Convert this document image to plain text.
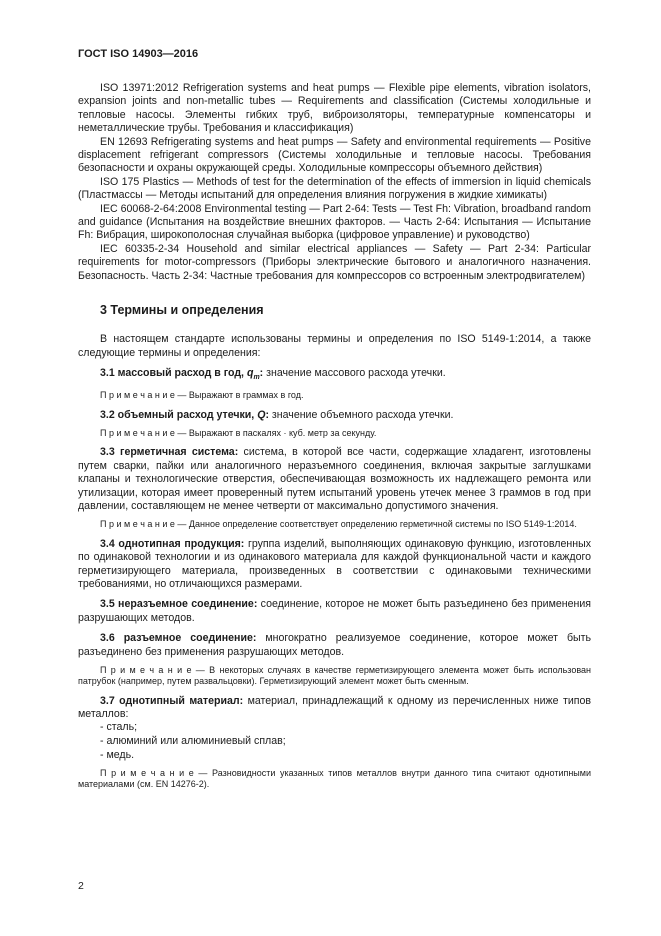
ГОСТ ISO 14903—2016

ISO 13971:2012 Refrigeration systems and heat pumps — Flexible pipe elements, vibration isolators, expansion joints and non-metallic tubes — Requirements and classification (Системы холодильные и тепловые насосы. Элементы гибких труб, виброизоляторы, температурные компенсаторы и неметаллические трубы. Требования и классификация)

EN 12693 Refrigerating systems and heat pumps — Safety and environmental requirements — Positive displacement refrigerant compressors (Системы холодильные и тепловые насосы. Требования безопасности и охраны окружающей среды. Холодильные компрессоры объемного действия)

ISO 175 Plastics — Methods of test for the determination of the effects of immersion in liquid chemicals (Пластмассы — Методы испытаний для определения влияния погружения в жидкие химикаты)

IEC 60068-2-64:2008 Environmental testing — Part 2-64: Tests — Test Fh: Vibration, broadband random and guidance (Испытания на воздействие внешних факторов. — Часть 2-64: Испытания — Испытание Fh: Вибрация, широкополосная случайная выборка (цифровое управление) и руководство)

IEC 60335-2-34 Household and similar electrical appliances — Safety — Part 2-34: Particular requirements for motor-compressors (Приборы электрические бытового и аналогичного назначения. Безопасность. Часть 2-34: Частные требования для компрессоров со встроенным электродвигателем)

3 Термины и определения

В настоящем стандарте использованы термины и определения по ISO 5149-1:2014, а также следующие термины и определения:

3.1 массовый расход в год, $q_m$: значение массового расхода утечки.

П р и м е ч а н и е — Выражают в граммах в год.

3.2 объемный расход утечки, Q: значение объемного расхода утечки.

П р и м е ч а н и е — Выражают в паскалях · куб. метр за секунду.

3.3 герметичная система: система, в которой все части, содержащие хладагент, изготовлены путем сварки, пайки или аналогичного неразъемного соединения, включая закрытые заглушками клапаны и технологические отверстия, обеспечивающая возможность их надлежащего ремонта или утилизации, которая имеет проверенный путем испытаний уровень утечек менее 3 граммов в год при давлении, составляющем не менее четверти от максимально допустимого значения.

П р и м е ч а н и е — Данное определение соответствует определению герметичной системы по ISO 5149-1:2014.

3.4 однотипная продукция: группа изделий, выполняющих одинаковую функцию, изготовленных по одинаковой технологии и из одинакового материала для каждой функциональной части и каждого герметизирующего материала, произведенных в соответствии с одинаковыми техническими требованиями, но отличающихся размерами.

3.5 неразъемное соединение: соединение, которое не может быть разъединено без применения разрушающих методов.

3.6 разъемное соединение: многократно реализуемое соединение, которое может быть разъединено без применения разрушающих методов.

П р и м е ч а н и е — В некоторых случаях в качестве герметизирующего элемента может быть использован патрубок (например, путем развальцовки). Герметизирующий элемент может быть сменным.

3.7 однотипный материал: материал, принадлежащий к одному из перечисленных ниже типов металлов:

- сталь;

- алюминий или алюминиевый сплав;

- медь.

П р и м е ч а н и е — Разновидности указанных типов металлов внутри данного типа считают однотипными материалами (см. EN 14276-2).

2
